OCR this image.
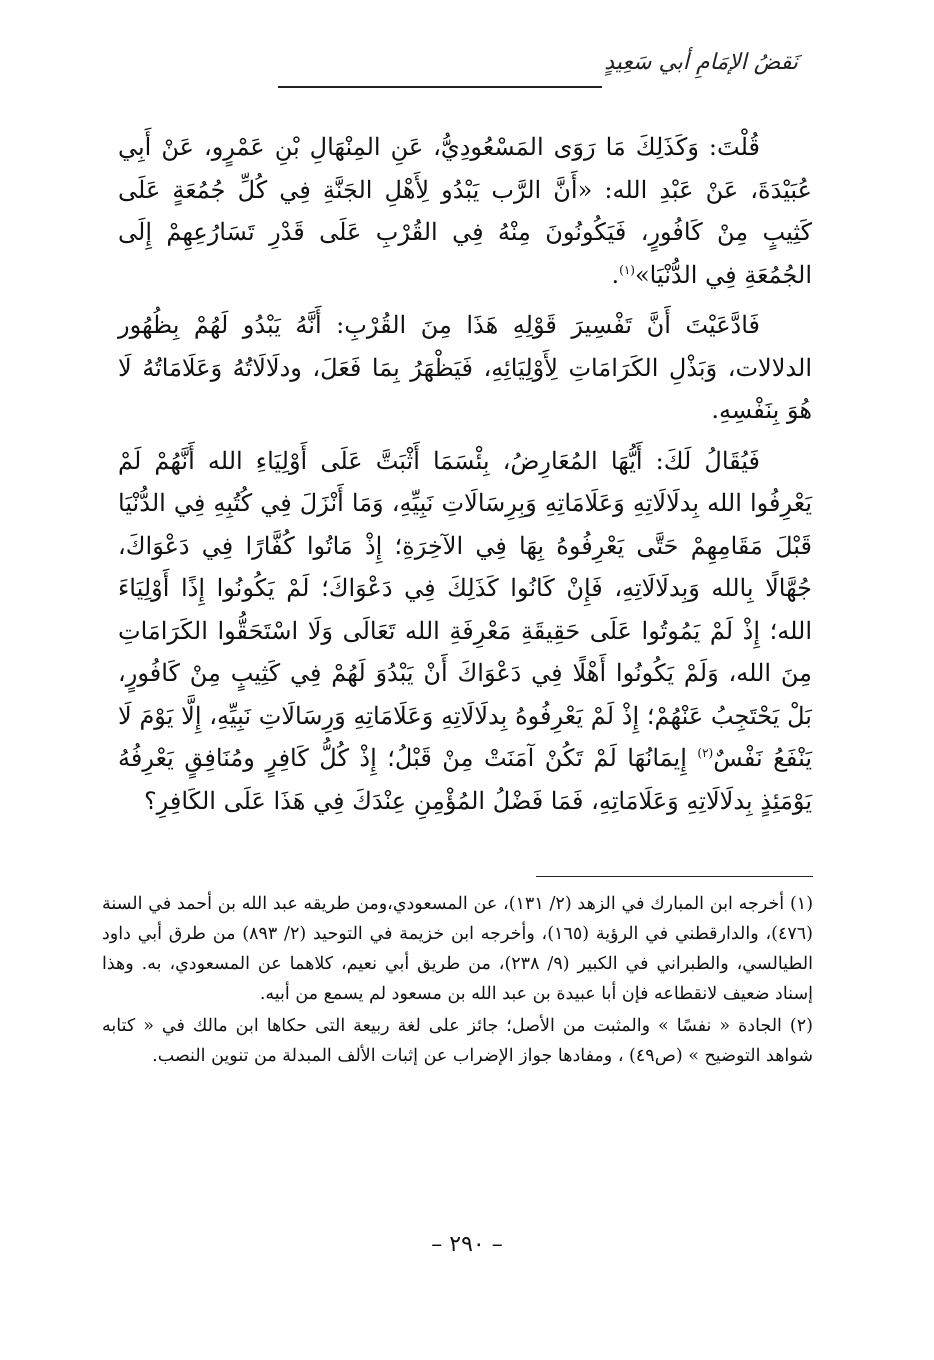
نَقضُ الإمَامِ أبي سَعِيدٍ

قُلْتَ: وَكَذَلِكَ مَا رَوَى المَسْعُودِيُّ، عَنِ المِنْهَالِ بْنِ عَمْرٍو، عَنْ أَبِي عُبَيْدَةَ، عَنْ عَبْدِ الله: «أَنَّ الرَّب يَبْدُو لِأَهْلِ الجَنَّةِ فِي كُلِّ جُمُعَةٍ عَلَى كَثِيبٍ مِنْ كَافُورٍ، فَيَكُونُونَ مِنْهُ فِي القُرْبِ عَلَى قَدْرِ تَسَارُعِهِمْ إِلَى الجُمُعَةِ فِي الدُّنْيَا»$^{(١)}$.

فَادَّعَيْتَ أَنَّ تَفْسِيرَ قَوْلِهِ هَذَا مِنَ القُرْبِ: أَنَّهُ يَبْدُو لَهُمْ بِظُهُور الدلالات، وَبَذْلِ الكَرَامَاتِ لِأَوْلِيَائِهِ، فَيَظْهَرُ بِمَا فَعَلَ، ودلَالَاتُهُ وَعَلَامَاتُهُ لَا هُوَ بِنَفْسِهِ.

فَيُقَالُ لَكَ: أَيُّهَا المُعَارِضُ، بِئْسَمَا أَثْبَتَّ عَلَى أَوْلِيَاءِ الله أَنَّهُمْ لَمْ يَعْرِفُوا الله بِدلَالَاتِهِ وَعَلَامَاتِهِ وَبِرِسَالَاتِ نَبِيِّهِ، وَمَا أَنْزَلَ فِي كُتُبِهِ فِي الدُّنْيَا قَبْلَ مَقَامِهِمْ حَتَّى يَعْرِفُوهُ بِهَا فِي الآخِرَةِ؛ إِذْ مَاتُوا كُفَّارًا فِي دَعْوَاكَ، جُهَّالًا بِالله وَبِدلَالَاتِهِ، فَإِنْ كَانُوا كَذَلِكَ فِي دَعْوَاكَ؛ لَمْ يَكُونُوا إِذًا أَوْلِيَاءَ الله؛ إِذْ لَمْ يَمُوتُوا عَلَى حَقِيقَةِ مَعْرِفَةِ الله تَعَالَى وَلَا اسْتَحَقُّوا الكَرَامَاتِ مِنَ الله، وَلَمْ يَكُونُوا أَهْلًا فِي دَعْوَاكَ أَنْ يَبْدُوَ لَهُمْ فِي كَثِيبٍ مِنْ كَافُورٍ، بَلْ يَحْتَجِبُ عَنْهُمْ؛ إِذْ لَمْ يَعْرِفُوهُ بِدلَالَاتِهِ وَعَلَامَاتِهِ وَرِسَالَاتِ نَبِيِّهِ، إِلَّا يَوْمَ لَا يَنْفَعُ نَفْسٌ$^{(٢)}$ إِيمَانُهَا لَمْ تَكُنْ آمَنَتْ مِنْ قَبْلُ؛ إِذْ كُلُّ كَافِرٍ ومُنَافِقٍ يَعْرِفُهُ يَوْمَئِذٍ بِدلَالَاتِهِ وَعَلَامَاتِهِ، فَمَا فَضْلُ المُؤْمِنِ عِنْدَكَ فِي هَذَا عَلَى الكَافِرِ؟

(١) أخرجه ابن المبارك في الزهد (٢/ ١٣١)، عن المسعودي،ومن طريقه عبد الله بن أحمد في السنة (٤٧٦)، والدارقطني في الرؤية (١٦٥)، وأخرجه ابن خزيمة في التوحيد (٢/ ٨٩٣) من طرق أبي داود الطيالسي، والطبراني في الكبير (٩/ ٢٣٨)، من طريق أبي نعيم، كلاهما عن المسعودي، به. وهذا إسناد ضعيف لانقطاعه فإن أبا عبيدة بن عبد الله بن مسعود لم يسمع من أبيه.

(٢) الجادة « نفسًا » والمثبت من الأصل؛ جائز على لغة ربيعة التى حكاها ابن مالك في « كتابه شواهد التوضيح » (ص٤٩) ، ومفادها جواز الإضراب عن إثبات الألف المبدلة من تنوين النصب.

– ٢٩٠ –
